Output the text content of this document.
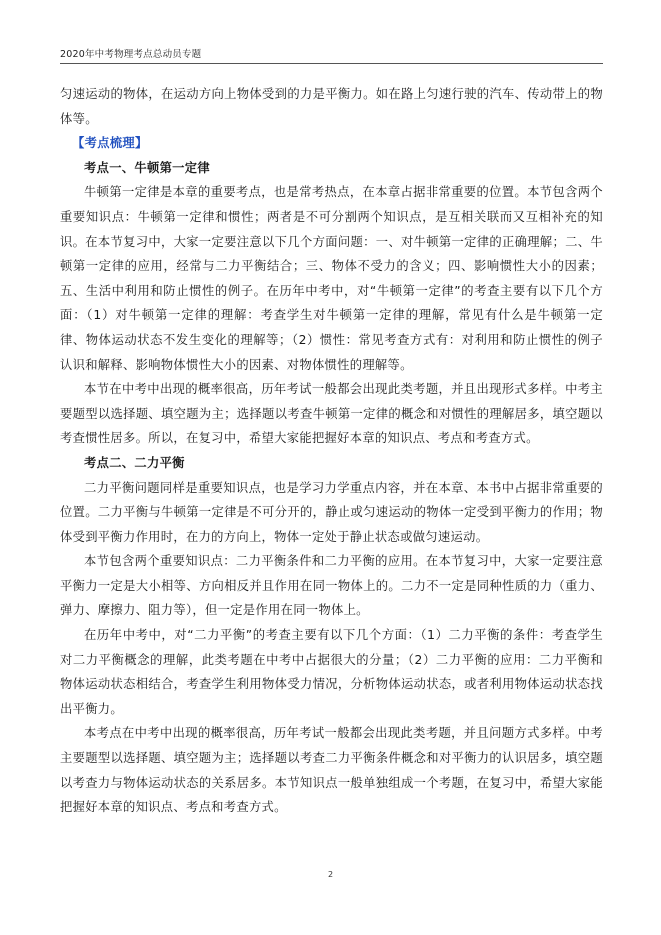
2020年中考物理考点总动员专题

匀速运动的物体，在运动方向上物体受到的力是平衡力。如在路上匀速行驶的汽车、传动带上的物体等。

【考点梳理】

考点一、牛顿第一定律

牛顿第一定律是本章的重要考点，也是常考热点，在本章占据非常重要的位置。本节包含两个重要知识点：牛顿第一定律和惯性；两者是不可分割两个知识点，是互相关联而又互相补充的知识。在本节复习中，大家一定要注意以下几个方面问题：一、对牛顿第一定律的正确理解；二、牛顿第一定律的应用，经常与二力平衡结合；三、物体不受力的含义；四、影响惯性大小的因素；五、生活中利用和防止惯性的例子。在历年中考中，对“牛顿第一定律”的考查主要有以下几个方面：（1）对牛顿第一定律的理解：考查学生对牛顿第一定律的理解，常见有什么是牛顿第一定律、物体运动状态不发生变化的理解等；（2）惯性：常见考查方式有：对利用和防止惯性的例子认识和解释、影响物体惯性大小的因素、对物体惯性的理解等。

本节在中考中出现的概率很高，历年考试一般都会出现此类考题，并且出现形式多样。中考主要题型以选择题、填空题为主；选择题以考查牛顿第一定律的概念和对惯性的理解居多，填空题以考查惯性居多。所以，在复习中，希望大家能把握好本章的知识点、考点和考查方式。

考点二、二力平衡

二力平衡问题同样是重要知识点，也是学习力学重点内容，并在本章、本书中占据非常重要的位置。二力平衡与牛顿第一定律是不可分开的，静止或匀速运动的物体一定受到平衡力的作用；物体受到平衡力作用时，在力的方向上，物体一定处于静止状态或做匀速运动。

本节包含两个重要知识点：二力平衡条件和二力平衡的应用。在本节复习中，大家一定要注意平衡力一定是大小相等、方向相反并且作用在同一物体上的。二力不一定是同种性质的力（重力、弹力、摩擦力、阻力等），但一定是作用在同一物体上。

在历年中考中，对“二力平衡”的考查主要有以下几个方面：（1）二力平衡的条件：考查学生对二力平衡概念的理解，此类考题在中考中占据很大的分量；（2）二力平衡的应用：二力平衡和物体运动状态相结合，考查学生利用物体受力情况，分析物体运动状态，或者利用物体运动状态找出平衡力。

本考点在中考中出现的概率很高，历年考试一般都会出现此类考题，并且问题方式多样。中考主要题型以选择题、填空题为主；选择题以考查二力平衡条件概念和对平衡力的认识居多，填空题以考查力与物体运动状态的关系居多。本节知识点一般单独组成一个考题，在复习中，希望大家能把握好本章的知识点、考点和考查方式。

2
